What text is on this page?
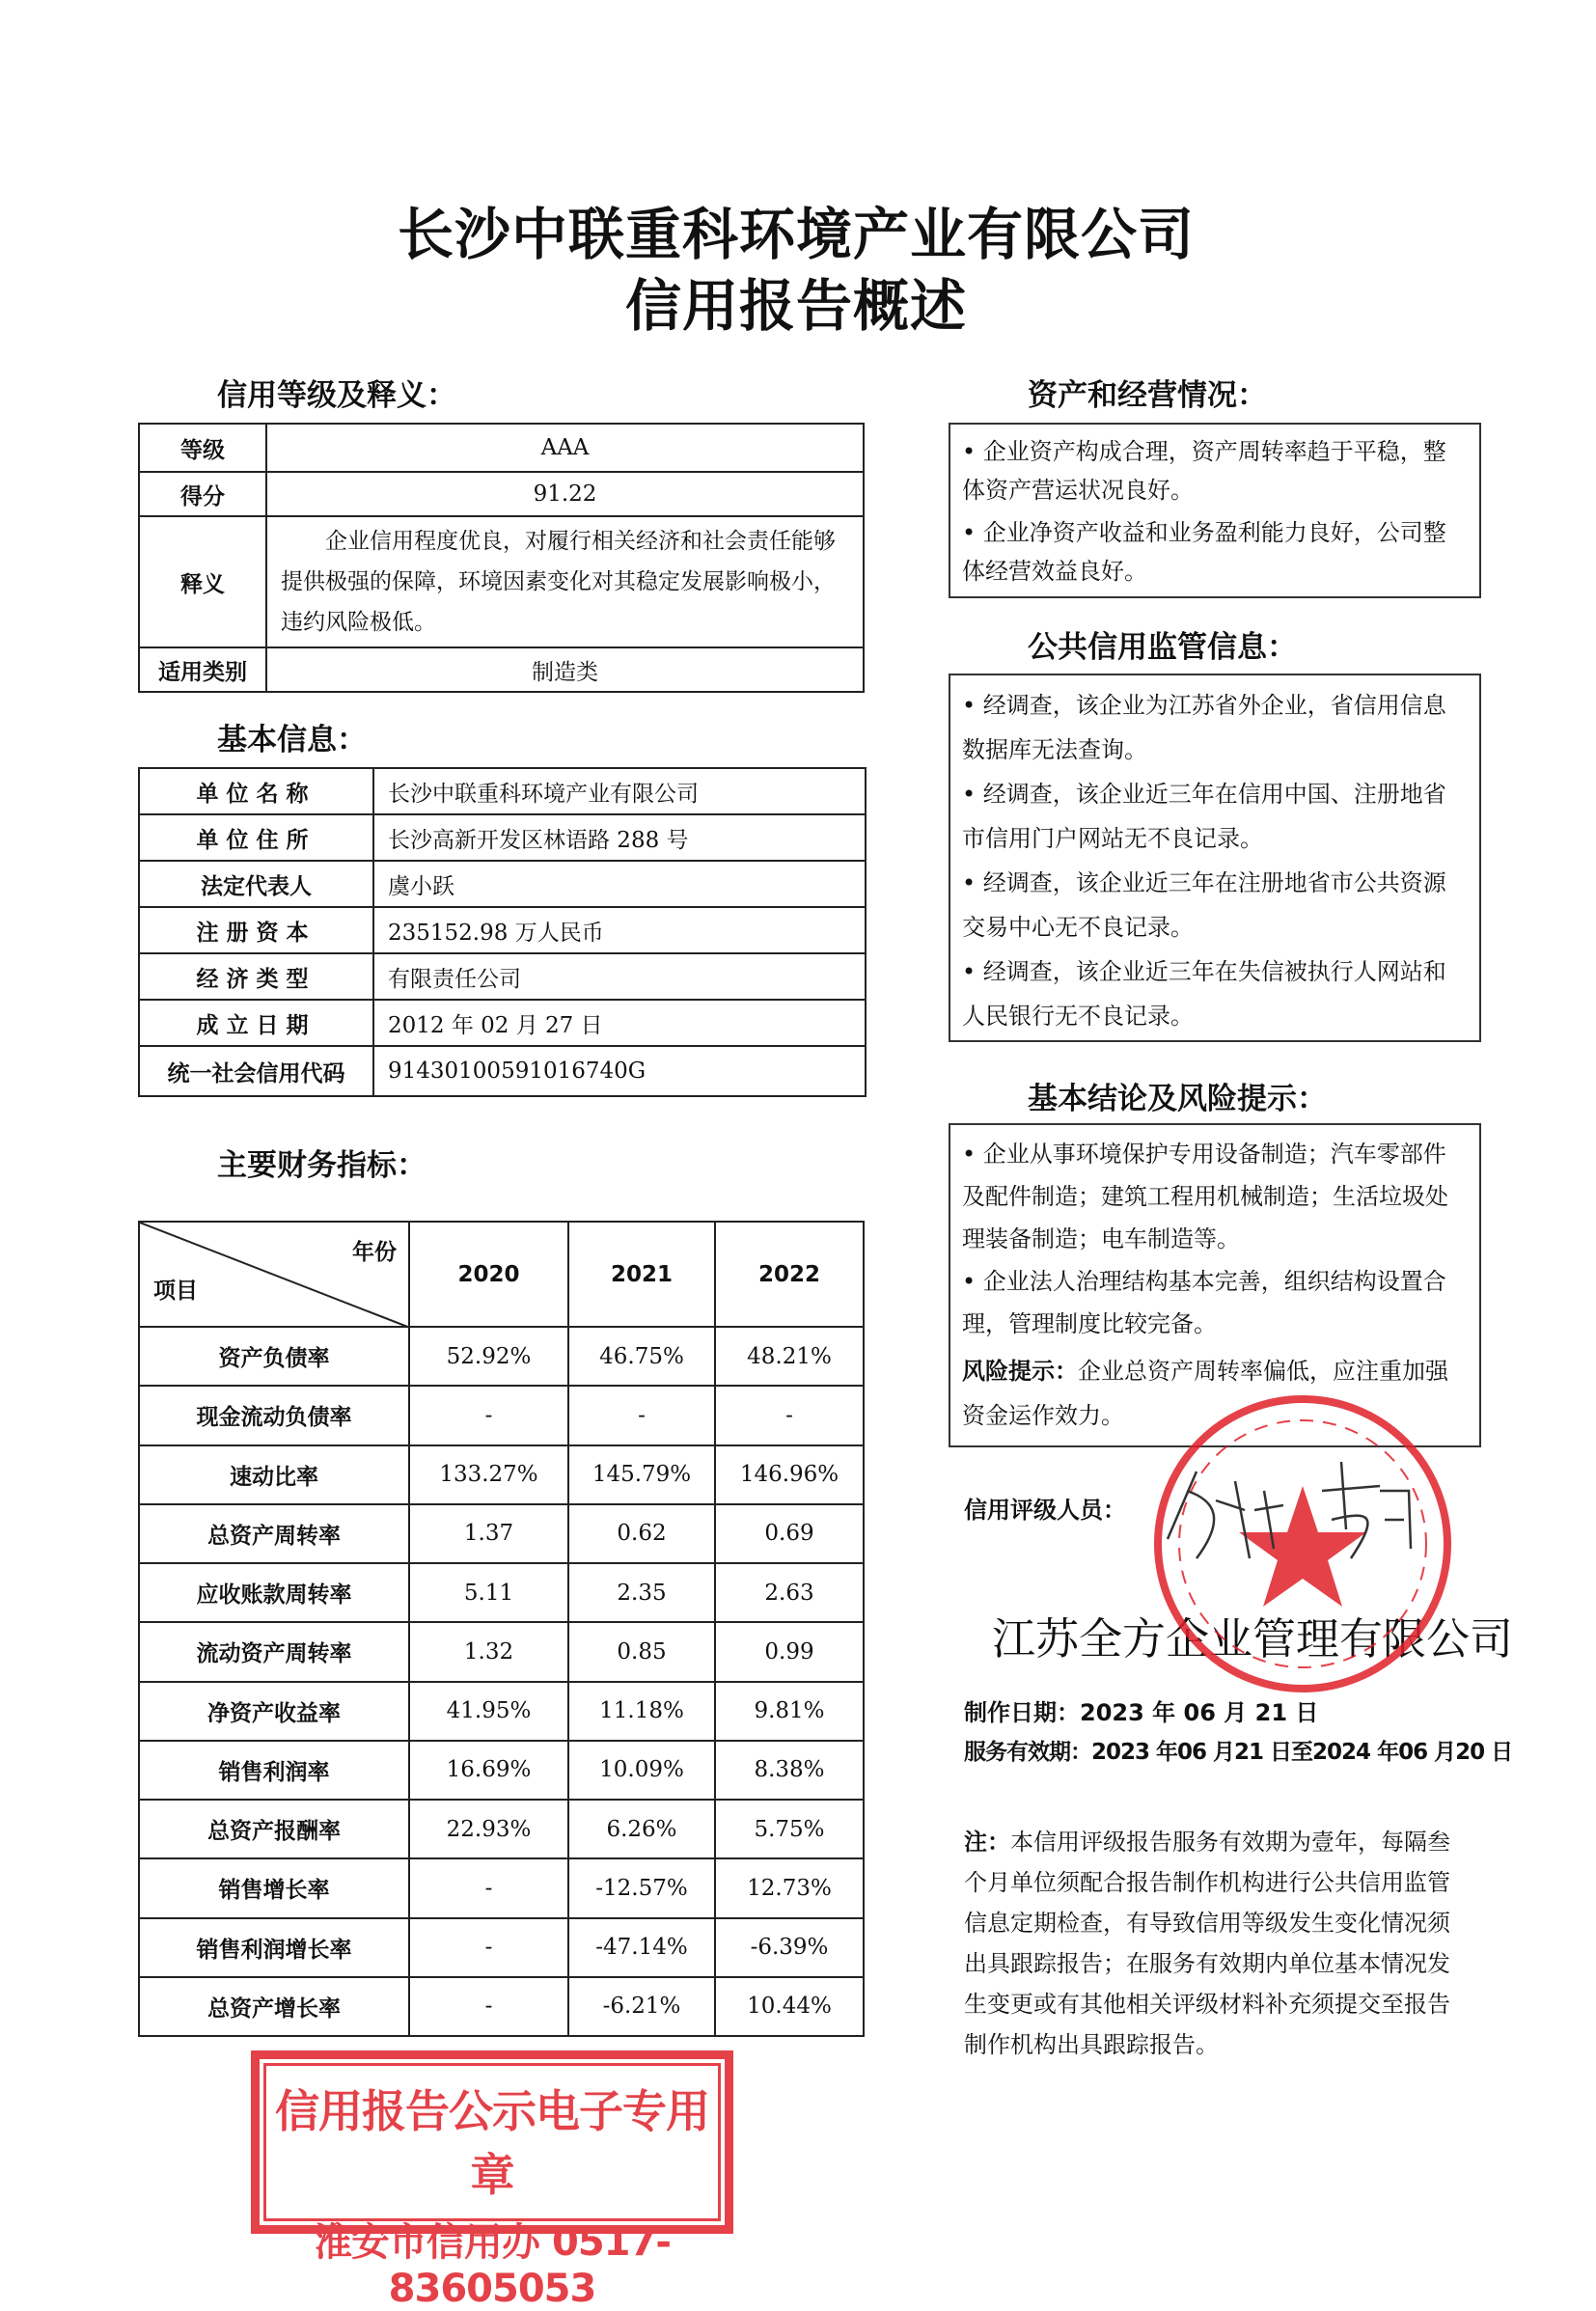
长沙中联重科环境产业有限公司
信用报告概述
信用等级及释义：
等级	AAA
得分	91.22
释义	企业信用程度优良，对履行相关经济和社会责任能够提供极强的保障，环境因素变化对其稳定发展影响极小，违约风险极低。
适用类别	制造类
基本信息：
单位名称	长沙中联重科环境产业有限公司
单位住所	长沙高新开发区林语路 288 号
法定代表人	虞小跃
注册资本	235152.98 万人民币
经济类型	有限责任公司
成立日期	2012 年 02 月 27 日
统一社会信用代码	91430100591016740G
主要财务指标：
年份
项目	2020	2021	2022
资产负债率	52.92%	46.75%	48.21%
现金流动负债率	-	-	-
速动比率	133.27%	145.79%	146.96%
总资产周转率	1.37	0.62	0.69
应收账款周转率	5.11	2.35	2.63
流动资产周转率	1.32	0.85	0.99
净资产收益率	41.95%	11.18%	9.81%
销售利润率	16.69%	10.09%	8.38%
总资产报酬率	22.93%	6.26%	5.75%
销售增长率	-	-12.57%	12.73%
销售利润增长率	-	-47.14%	-6.39%
总资产增长率	-	-6.21%	10.44%
资产和经营情况：

• 企业资产构成合理，资产周转率趋于平稳，整体资产营运状况良好。

• 企业净资产收益和业务盈利能力良好，公司整体经营效益良好。

公共信用监管信息：

• 经调查，该企业为江苏省外企业，省信用信息数据库无法查询。

• 经调查，该企业近三年在信用中国、注册地省市信用门户网站无不良记录。

• 经调查，该企业近三年在注册地省市公共资源交易中心无不良记录。

• 经调查，该企业近三年在失信被执行人网站和人民银行无不良记录。

基本结论及风险提示：

• 企业从事环境保护专用设备制造；汽车零部件及配件制造；建筑工程用机械制造；生活垃圾处理装备制造；电车制造等。

• 企业法人治理结构基本完善，组织结构设置合理，管理制度比较完备。

风险提示：企业总资产周转率偏低，应注重加强资金运作效力。

信用评级人员：
江苏全方企业管理有限公司
制作日期：2023 年 06 月 21 日
服务有效期：2023 年06 月21 日至2024 年06 月20 日
注：本信用评级报告服务有效期为壹年，每隔叁个月单位须配合报告制作机构进行公共信用监管信息定期检查，有导致信用等级发生变化情况须出具跟踪报告；在服务有效期内单位基本情况发生变更或有其他相关评级材料补充须提交至报告制作机构出具跟踪报告。
信用报告公示电子专用章
淮安市信用办 0517-83605053
